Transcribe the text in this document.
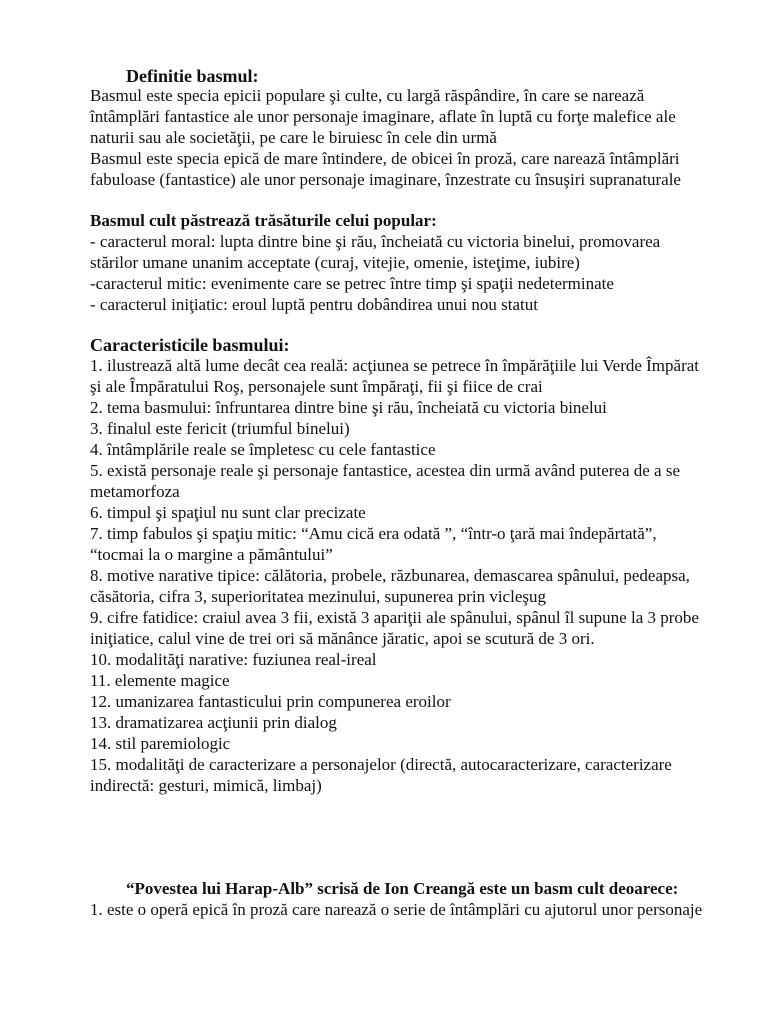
Definitie basmul:
Basmul este specia epicii populare şi culte, cu largă răspândire, în care se narează
întâmplări fantastice ale unor personaje imaginare, aflate în luptă cu forţe malefice ale
naturii sau ale societăţii, pe care le biruiesc în cele din urmă
Basmul este specia epică de mare întindere, de obicei în proză, care narează întâmplări
fabuloase (fantastice) ale unor personaje imaginare, înzestrate cu însuşiri supranaturale
Basmul cult păstrează trăsăturile celui popular:
- caracterul moral: lupta dintre bine şi rău, încheiată cu victoria binelui, promovarea
stărilor umane unanim acceptate (curaj, vitejie, omenie, isteţime, iubire)
-caracterul mitic: evenimente care se petrec între timp şi spaţii nedeterminate
- caracterul iniţiatic: eroul luptă pentru dobândirea unui nou statut
Caracteristicile basmului:
1. ilustrează altă lume decât cea reală: acţiunea se petrece în împărăţiile lui Verde Împărat
şi ale Împăratului Roş, personajele sunt împăraţi, fii şi fiice de crai
2. tema basmului: înfruntarea dintre bine şi rău, încheiată cu victoria binelui
3. finalul este fericit (triumful binelui)
4. întâmplările reale se împletesc cu cele fantastice
5. există personaje reale şi personaje fantastice, acestea din urmă având puterea de a se
metamorfoza
6. timpul şi spaţiul nu sunt clar precizate
7. timp fabulos şi spaţiu mitic: “Amu cică era odată ”, “într-o ţară mai îndepărtată”,
“tocmai la o margine a pământului”
8. motive narative tipice: călătoria, probele, răzbunarea, demascarea spânului, pedeapsa,
căsătoria, cifra 3, superioritatea mezinului, supunerea prin vicleşug
9. cifre fatidice: craiul avea 3 fii, există 3 apariţii ale spânului, spânul îl supune la 3 probe
iniţiatice, calul vine de trei ori să mănânce jăratic, apoi se scutură de 3 ori.
10. modalităţi narative: fuziunea real-ireal
11. elemente magice
12. umanizarea fantasticului prin compunerea eroilor
13. dramatizarea acţiunii prin dialog
14. stil paremiologic
15. modalităţi de caracterizare a personajelor (directă, autocaracterizare, caracterizare
indirectă: gesturi, mimică, limbaj)
“Povestea lui Harap-Alb” scrisă de Ion Creangă este un basm cult deoarece:
1. este o operă epică în proză care narează o serie de întâmplări cu ajutorul unor personaje
